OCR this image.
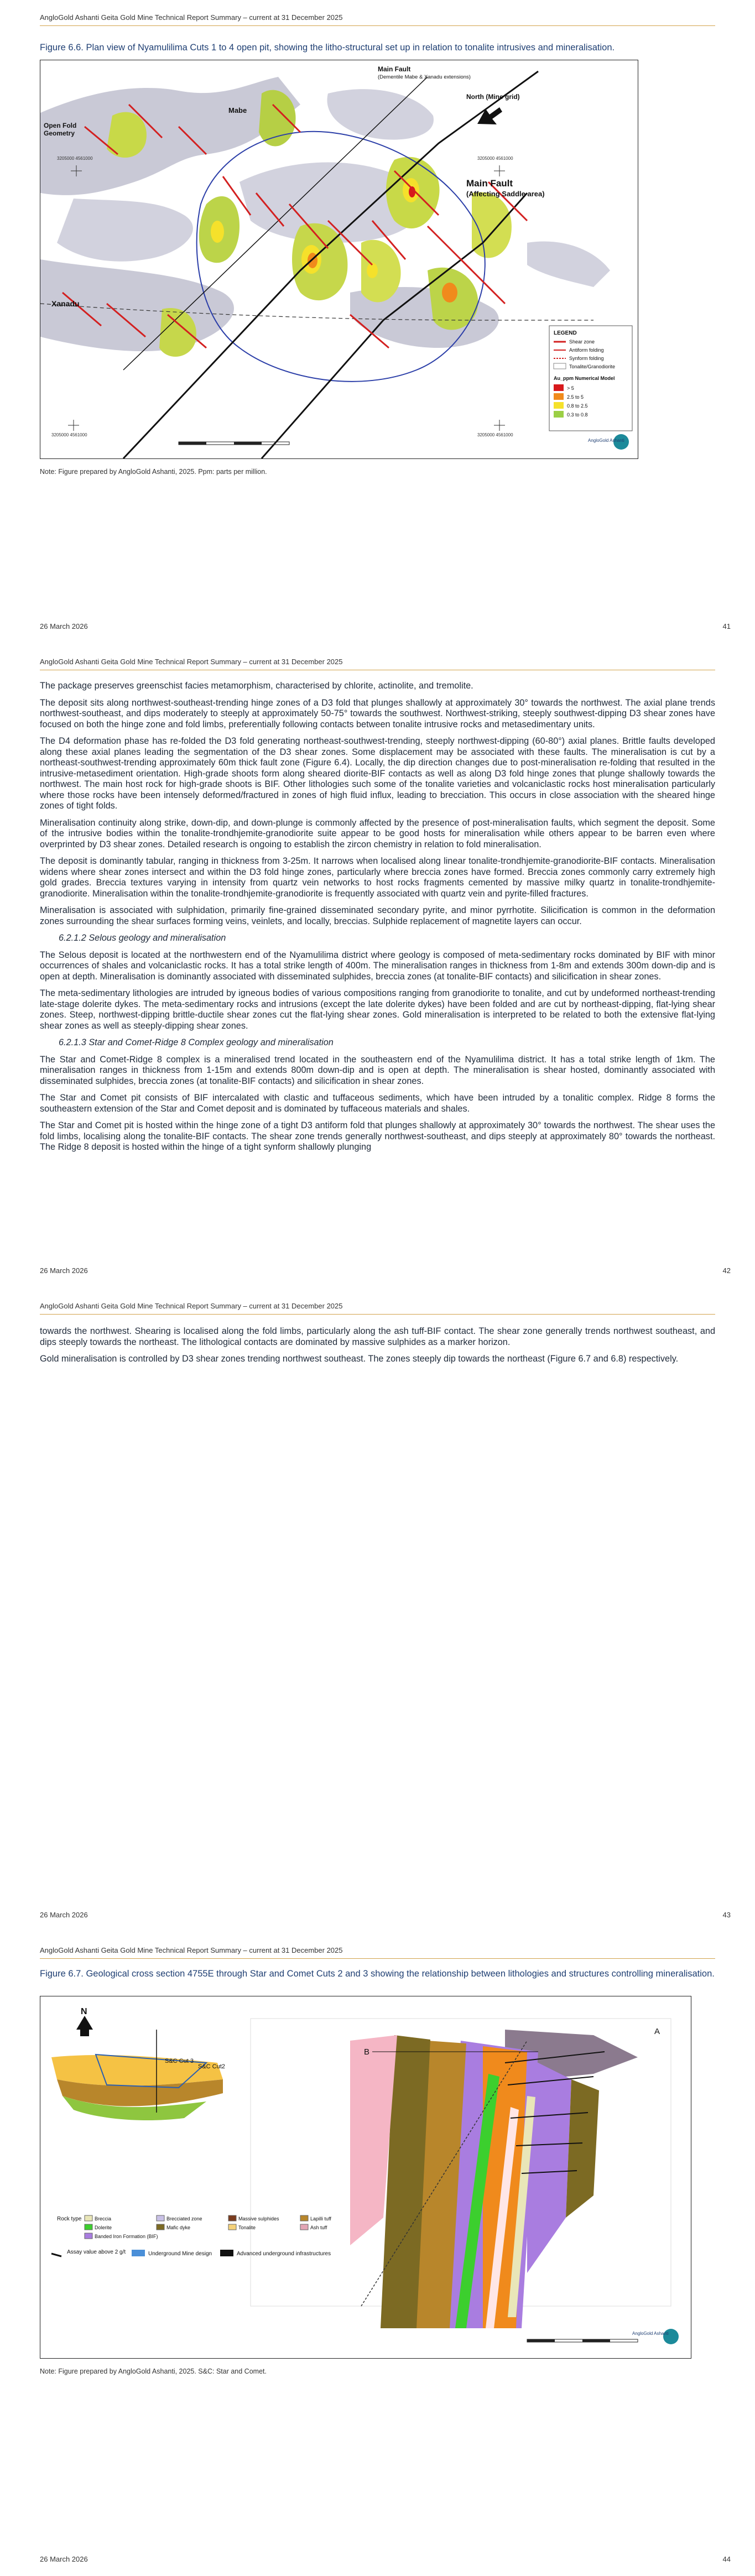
AngloGold Ashanti Geita Gold Mine Technical Report Summary – current at 31 December 2025
Figure 6.6. Plan view of Nyamulilima Cuts 1 to 4 open pit, showing the litho-structural set up in relation to tonalite intrusives and mineralisation.
Mabe
Main Fault
(Dementile Mabe & Xanadu extensions)
North (Mine grid)
Open Fold
Geometry
Main Fault
(Affecting Saddle area)
Xanadu
3205000 4561000	3205000 4561000
3205000 4561000	3205000 4561000
LEGEND
Shear zone
Antiform folding
Synform folding
Tonalite/Granodiorite
Au_ppm Numerical Model
> 5
2.5 to 5
0.8 to 2.5
0.3 to 0.8
AngloGold Ashanti
Note: Figure prepared by AngloGold Ashanti, 2025. Ppm: parts per million.
26 March 2026	41
AngloGold Ashanti Geita Gold Mine Technical Report Summary – current at 31 December 2025

The package preserves greenschist facies metamorphism, characterised by chlorite, actinolite, and tremolite.

The deposit sits along northwest-southeast-trending hinge zones of a D3 fold that plunges shallowly at approximately 30° towards the northwest. The axial plane trends northwest-southeast, and dips moderately to steeply at approximately 50-75° towards the southwest. Northwest-striking, steeply southwest-dipping D3 shear zones have focused on both the hinge zone and fold limbs, preferentially following contacts between tonalite intrusive rocks and metasedimentary units.

The D4 deformation phase has re-folded the D3 fold generating northeast-southwest-trending, steeply northwest-dipping (60-80°) axial planes. Brittle faults developed along these axial planes leading the segmentation of the D3 shear zones. Some displacement may be associated with these faults. The mineralisation is cut by a northeast-southwest-trending approximately 60m thick fault zone (Figure 6.4). Locally, the dip direction changes due to post-mineralisation re-folding that resulted in the intrusive-metasediment orientation. High-grade shoots form along sheared diorite-BIF contacts as well as along D3 fold hinge zones that plunge shallowly towards the northwest. The main host rock for high-grade shoots is BIF. Other lithologies such some of the tonalite varieties and volcaniclastic rocks host mineralisation particularly where those rocks have been intensely deformed/fractured in zones of high fluid influx, leading to brecciation. This occurs in close association with the sheared hinge zones of tight folds.

Mineralisation continuity along strike, down-dip, and down-plunge is commonly affected by the presence of post-mineralisation faults, which segment the deposit. Some of the intrusive bodies within the tonalite-trondhjemite-granodiorite suite appear to be good hosts for mineralisation while others appear to be barren even where overprinted by D3 shear zones. Detailed research is ongoing to establish the zircon chemistry in relation to fold mineralisation.

The deposit is dominantly tabular, ranging in thickness from 3-25m. It narrows when localised along linear tonalite-trondhjemite-granodiorite-BIF contacts. Mineralisation widens where shear zones intersect and within the D3 fold hinge zones, particularly where breccia zones have formed. Breccia zones commonly carry extremely high gold grades. Breccia textures varying in intensity from quartz vein networks to host rocks fragments cemented by massive milky quartz in tonalite-trondhjemite-granodiorite. Mineralisation within the tonalite-trondhjemite-granodiorite is frequently associated with quartz vein and pyrite-filled fractures.

Mineralisation is associated with sulphidation, primarily fine-grained disseminated secondary pyrite, and minor pyrrhotite. Silicification is common in the deformation zones surrounding the shear surfaces forming veins, veinlets, and locally, breccias. Sulphide replacement of magnetite layers can occur.

6.2.1.2 Selous geology and mineralisation

The Selous deposit is located at the northwestern end of the Nyamulilima district where geology is composed of meta-sedimentary rocks dominated by BIF with minor occurrences of shales and volcaniclastic rocks. It has a total strike length of 400m. The mineralisation ranges in thickness from 1-8m and extends 300m down-dip and is open at depth. Mineralisation is dominantly associated with disseminated sulphides, breccia zones (at tonalite-BIF contacts) and silicification in shear zones.

The meta-sedimentary lithologies are intruded by igneous bodies of various compositions ranging from granodiorite to tonalite, and cut by undeformed northeast-trending late-stage dolerite dykes. The meta-sedimentary rocks and intrusions (except the late dolerite dykes) have been folded and are cut by northeast-dipping, flat-lying shear zones. Steep, northwest-dipping brittle-ductile shear zones cut the flat-lying shear zones. Gold mineralisation is interpreted to be related to both the extensive flat-lying shear zones as well as steeply-dipping shear zones.

6.2.1.3 Star and Comet-Ridge 8 Complex geology and mineralisation

The Star and Comet-Ridge 8 complex is a mineralised trend located in the southeastern end of the Nyamulilima district. It has a total strike length of 1km. The mineralisation ranges in thickness from 1-15m and extends 800m down-dip and is open at depth. The mineralisation is shear hosted, dominantly associated with disseminated sulphides, breccia zones (at tonalite-BIF contacts) and silicification in shear zones.

The Star and Comet pit consists of BIF intercalated with clastic and tuffaceous sediments, which have been intruded by a tonalitic complex. Ridge 8 forms the southeastern extension of the Star and Comet deposit and is dominated by tuffaceous materials and shales.

The Star and Comet pit is hosted within the hinge zone of a tight D3 antiform fold that plunges shallowly at approximately 30° towards the northwest. The shear uses the fold limbs, localising along the tonalite-BIF contacts. The shear zone trends generally northwest-southeast, and dips steeply at approximately 80° towards the northeast. The Ridge 8 deposit is hosted within the hinge of a tight synform shallowly plunging

26 March 2026	42
AngloGold Ashanti Geita Gold Mine Technical Report Summary – current at 31 December 2025

towards the northwest. Shearing is localised along the fold limbs, particularly along the ash tuff-BIF contact. The shear zone generally trends northwest southeast, and dips steeply towards the northeast. The lithological contacts are dominated by massive sulphides as a marker horizon.

Gold mineralisation is controlled by D3 shear zones trending northwest southeast. The zones steeply dip towards the northeast (Figure 6.7 and 6.8) respectively.

26 March 2026	43
AngloGold Ashanti Geita Gold Mine Technical Report Summary – current at 31 December 2025
Figure 6.7. Geological cross section 4755E through Star and Comet Cuts 2 and 3 showing the relationship between lithologies and structures controlling mineralisation.
N
S&C Cut 3
S&C Cut2
A
B
Rock type	Breccia	Brecciated zone	Massive sulphides	Lapilli tuff
Dolerite	Mafic dyke	Tonalite	Ash tuff
Banded Iron Formation (BIF)
Assay value above 2 g/t	Underground Mine design	Advanced underground infrastructures
AngloGold Ashanti
Note: Figure prepared by AngloGold Ashanti, 2025. S&C: Star and Comet.
26 March 2026	44
